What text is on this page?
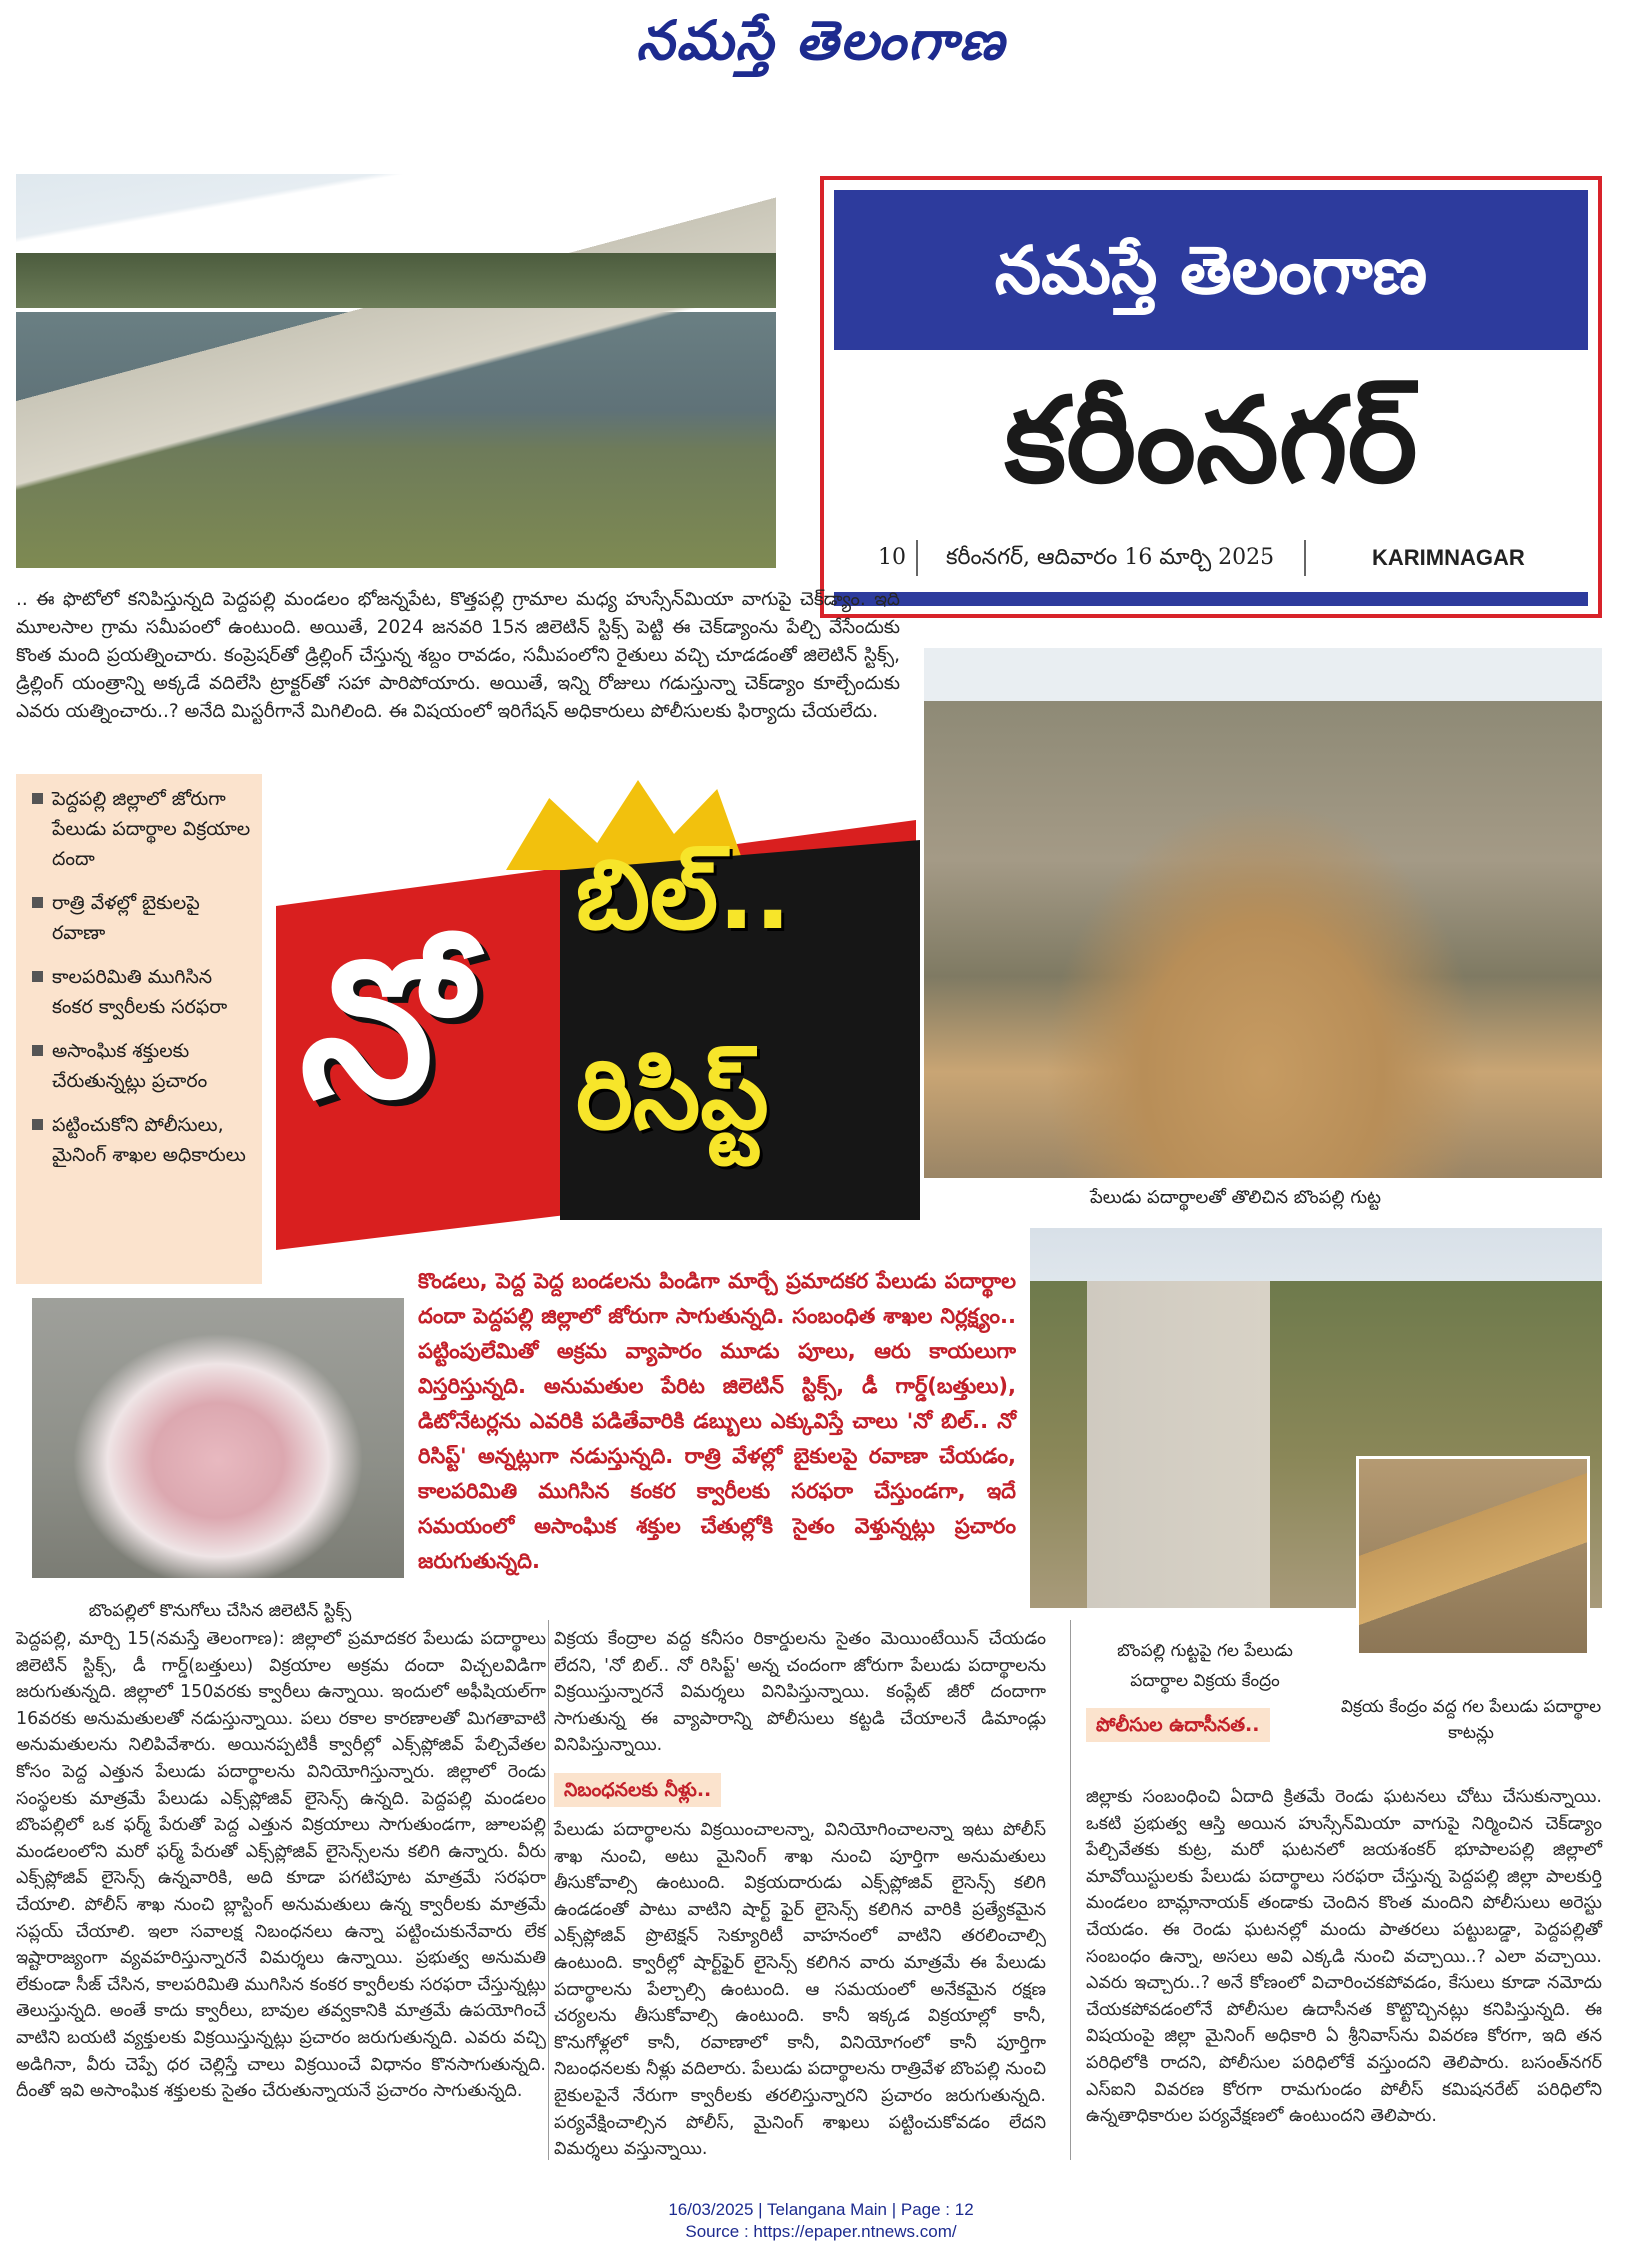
నమస్తే తెలంగాణ
నమస్తే తెలంగాణ
కరీంనగర్
10 కరీంనగర్, ఆదివారం 16 మార్చి 2025	KARIMNAGAR

.. ఈ ఫొటోలో కనిపిస్తున్నది పెద్దపల్లి మండలం భోజన్నపేట, కొత్తపల్లి గ్రామాల మధ్య హుస్సేన్‌మియా వాగుపై చెక్‌డ్యాం. ఇది మూలసాల గ్రామ సమీపంలో ఉంటుంది. అయితే, 2024 జనవరి 15న జిలెటిన్ స్టిక్స్ పెట్టి ఈ చెక్‌డ్యాంను పేల్చి వేసేందుకు కొంత మంది ప్రయత్నించారు. కంప్రెషర్‌తో డ్రిల్లింగ్ చేస్తున్న శబ్దం రావడం, సమీపంలోని రైతులు వచ్చి చూడడంతో జిలెటిన్ స్టిక్స్, డ్రిల్లింగ్ యంత్రాన్ని అక్కడే వదిలేసి ట్రాక్టర్‌తో సహా పారిపోయారు. అయితే, ఇన్ని రోజులు గడుస్తున్నా చెక్‌డ్యాం కూల్చేందుకు ఎవరు యత్నించారు..? అనేది మిస్టరీగానే మిగిలింది. ఈ విషయంలో ఇరిగేషన్ అధికారులు పోలీసులకు ఫిర్యాదు చేయలేదు.

పెద్దపల్లి జిల్లాలో జోరుగా పేలుడు పదార్థాల విక్రయాల దందా
రాత్రి వేళల్లో బైకులపై రవాణా
కాలపరిమితి ముగిసిన కంకర క్వారీలకు సరఫరా
అసాంఘిక శక్తులకు చేరుతున్నట్లు ప్రచారం
పట్టించుకోని పోలీసులు, మైనింగ్ శాఖల అధికారులు
నో
బిల్..
రిసిప్ట్

పేలుడు పదార్థాలతో తొలిచిన బొంపల్లి గుట్ట

బొంపల్లిలో కొనుగోలు చేసిన జిలెటిన్ స్టిక్స్

కొండలు, పెద్ద పెద్ద బండలను పిండిగా మార్చే ప్రమాదకర పేలుడు పదార్థాల దందా పెద్దపల్లి జిల్లాలో జోరుగా సాగుతున్నది. సంబంధిత శాఖల నిర్లక్ష్యం.. పట్టింపులేమితో అక్రమ వ్యాపారం మూడు పూలు, ఆరు కాయలుగా విస్తరిస్తున్నది. అనుమతుల పేరిట జిలెటిన్ స్టిక్స్, డీ గార్డ్(బత్తులు), డిటోనేటర్లను ఎవరికి పడితేవారికి డబ్బులు ఎక్కువిస్తే చాలు 'నో బిల్.. నో రిసిప్ట్' అన్నట్లుగా నడుస్తున్నది. రాత్రి వేళల్లో బైకులపై రవాణా చేయడం, కాలపరిమితి ముగిసిన కంకర క్వారీలకు సరఫరా చేస్తుండగా, ఇదే సమయంలో అసాంఘిక శక్తుల చేతుల్లోకి సైతం వెళ్తున్నట్లు ప్రచారం జరుగుతున్నది.

బొంపల్లి గుట్టపై గల పేలుడు పదార్థాల విక్రయ కేంద్రం

విక్రయ కేంద్రం వద్ద గల పేలుడు పదార్థాల కాటన్లు

పెద్దపల్లి, మార్చి 15(నమస్తే తెలంగాణ): జిల్లాలో ప్రమాదకర పేలుడు పదార్థాలు జిలెటిన్ స్టిక్స్, డీ గార్డ్(బత్తులు) విక్రయాల అక్రమ దందా విచ్చలవిడిగా జరుగుతున్నది. జిల్లాలో 150వరకు క్వారీలు ఉన్నాయి. ఇందులో అఫీషియల్‌గా 16వరకు అనుమతులతో నడుస్తున్నాయి. పలు రకాల కారణాలతో మిగతావాటి అనుమతులను నిలిపివేశారు. అయినప్పటికీ క్వారీల్లో ఎక్స్‌ప్లోజివ్ పేల్చివేతల కోసం పెద్ద ఎత్తున పేలుడు పదార్థాలను వినియోగిస్తున్నారు. జిల్లాలో రెండు సంస్థలకు మాత్రమే పేలుడు ఎక్స్‌ప్లోజివ్ లైసెన్స్ ఉన్నది. పెద్దపల్లి మండలం బొంపల్లిలో ఒక ఫర్మ్ పేరుతో పెద్ద ఎత్తున విక్రయాలు సాగుతుండగా, జూలపల్లి మండలంలోని మరో ఫర్మ్ పేరుతో ఎక్స్‌ప్లోజివ్ లైసెన్స్‌లను కలిగి ఉన్నారు. వీరు ఎక్స్‌ప్లోజివ్ లైసెన్స్ ఉన్నవారికి, అది కూడా పగటిపూట మాత్రమే సరఫరా చేయాలి. పోలీస్ శాఖ నుంచి బ్లాస్టింగ్ అనుమతులు ఉన్న క్వారీలకు మాత్రమే సప్లయ్ చేయాలి. ఇలా సవాలక్ష నిబంధనలు ఉన్నా పట్టించుకునేవారు లేక ఇష్టారాజ్యంగా వ్యవహరిస్తున్నారనే విమర్శలు ఉన్నాయి. ప్రభుత్వ అనుమతి లేకుండా సీజ్ చేసిన, కాలపరిమితి ముగిసిన కంకర క్వారీలకు సరఫరా చేస్తున్నట్లు తెలుస్తున్నది. అంతే కాదు క్వారీలు, బావుల తవ్వకానికి మాత్రమే ఉపయోగించే వాటిని బయటి వ్యక్తులకు విక్రయిస్తున్నట్లు ప్రచారం జరుగుతున్నది. ఎవరు వచ్చి అడిగినా, వీరు చెప్పే ధర చెల్లిస్తే చాలు విక్రయించే విధానం కొనసాగుతున్నది. దీంతో ఇవి అసాంఘిక శక్తులకు సైతం చేరుతున్నాయనే ప్రచారం సాగుతున్నది.

విక్రయ కేంద్రాల వద్ద కనీసం రికార్డులను సైతం మెయింటేయిన్ చేయడం లేదని, 'నో బిల్.. నో రిసిప్ట్' అన్న చందంగా జోరుగా పేలుడు పదార్థాలను విక్రయిస్తున్నారనే విమర్శలు వినిపిస్తున్నాయి. కంప్లేట్ జీరో దందాగా సాగుతున్న ఈ వ్యాపారాన్ని పోలీసులు కట్టడి చేయాలనే డిమాండ్లు వినిపిస్తున్నాయి.

నిబంధనలకు నీళ్లు..

పేలుడు పదార్థాలను విక్రయించాలన్నా, వినియోగించాలన్నా ఇటు పోలీస్ శాఖ నుంచి, అటు మైనింగ్ శాఖ నుంచి పూర్తిగా అనుమతులు తీసుకోవాల్సి ఉంటుంది. విక్రయదారుడు ఎక్స్‌ప్లోజివ్ లైసెన్స్ కలిగి ఉండడంతో పాటు వాటిని షార్ట్ ఫైర్ లైసెన్స్ కలిగిన వారికి ప్రత్యేకమైన ఎక్స్‌ప్లోజివ్ ప్రొటెక్షన్ సెక్యూరిటీ వాహనంలో వాటిని తరలించాల్సి ఉంటుంది. క్వారీల్లో షార్ట్‌ఫైర్ లైసెన్స్ కలిగిన వారు మాత్రమే ఈ పేలుడు పదార్థాలను పేల్చాల్సి ఉంటుంది. ఆ సమయంలో అనేకమైన రక్షణ చర్యలను తీసుకోవాల్సి ఉంటుంది. కానీ ఇక్కడ విక్రయాల్లో కానీ, కొనుగోళ్లలో కానీ, రవాణాలో కానీ, వినియోగంలో కానీ పూర్తిగా నిబంధనలకు నీళ్లు వదిలారు. పేలుడు పదార్థాలను రాత్రివేళ బొంపల్లి నుంచి బైకులపైనే నేరుగా క్వారీలకు తరలిస్తున్నారని ప్రచారం జరుగుతున్నది. పర్యవేక్షించాల్సిన పోలీస్, మైనింగ్ శాఖలు పట్టించుకోవడం లేదని విమర్శలు వస్తున్నాయి.

పోలీసుల ఉదాసీనత..

జిల్లాకు సంబంధించి ఏదాది క్రితమే రెండు ఘటనలు చోటు చేసుకున్నాయి. ఒకటి ప్రభుత్వ ఆస్తి అయిన హుస్సేన్‌మియా వాగుపై నిర్మించిన చెక్‌డ్యాం పేల్చివేతకు కుట్ర, మరో ఘటనలో జయశంకర్ భూపాలపల్లి జిల్లాలో మావోయిస్టులకు పేలుడు పదార్థాలు సరఫరా చేస్తున్న పెద్దపల్లి జిల్లా పాలకుర్తి మండలం బామ్లానాయక్ తండాకు చెందిన కొంత మందిని పోలీసులు అరెస్టు చేయడం. ఈ రెండు ఘటనల్లో మందు పాతరలు పట్టుబడ్డా, పెద్దపల్లితో సంబంధం ఉన్నా, అసలు అవి ఎక్కడి నుంచి వచ్చాయి..? ఎలా వచ్చాయి. ఎవరు ఇచ్చారు..? అనే కోణంలో విచారించకపోవడం, కేసులు కూడా నమోదు చేయకపోవడంలోనే పోలీసుల ఉదాసీనత కొట్టొచ్చినట్లు కనిపిస్తున్నది. ఈ విషయంపై జిల్లా మైనింగ్ అధికారి ఏ శ్రీనివాస్‌ను వివరణ కోరగా, ఇది తన పరిధిలోకి రాదని, పోలీసుల పరిధిలోకే వస్తుందని తెలిపారు. బసంత్‌నగర్ ఎస్ఐని వివరణ కోరగా రామగుండం పోలీస్ కమిషనరేట్ పరిధిలోని ఉన్నతాధికారుల పర్యవేక్షణలో ఉంటుందని తెలిపారు.

16/03/2025 | Telangana Main | Page : 12
Source : https://epaper.ntnews.com/
